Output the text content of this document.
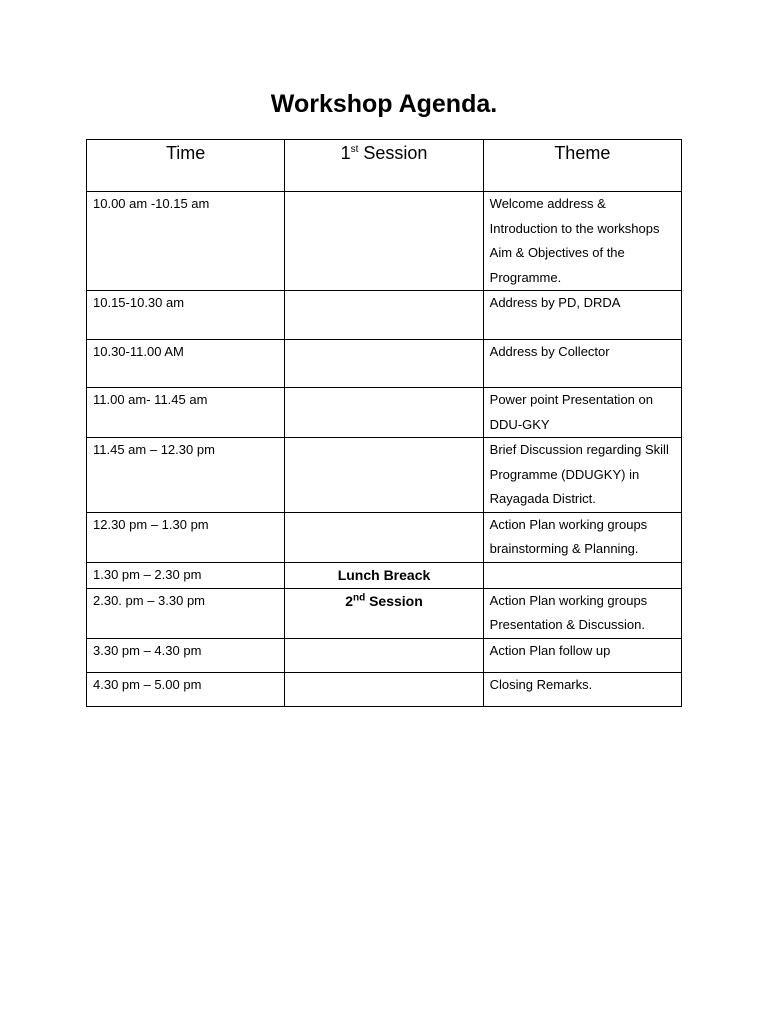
Workshop Agenda.
Time	1st Session	Theme
10.00 am -10.15 am		Welcome address & Introduction to the workshops Aim & Objectives of the Programme.
10.15-10.30 am		Address by PD, DRDA
10.30-11.00 AM		Address by Collector
11.00 am- 11.45 am		Power point Presentation on DDU-GKY
11.45 am – 12.30 pm		Brief Discussion regarding Skill Programme (DDUGKY) in Rayagada District.
12.30 pm – 1.30 pm		Action Plan working groups brainstorming & Planning.
1.30 pm – 2.30 pm	Lunch Breack	
2.30. pm – 3.30 pm	2nd Session	Action Plan working groups Presentation & Discussion.
3.30 pm – 4.30 pm		Action Plan follow up
4.30 pm – 5.00 pm		Closing Remarks.
